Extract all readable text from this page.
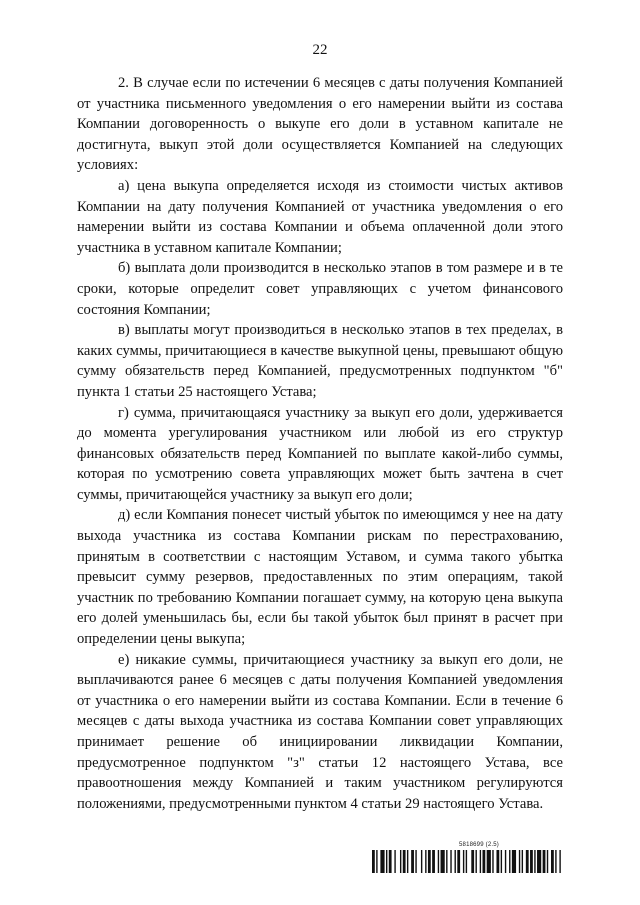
22

2. В случае если по истечении 6 месяцев с даты получения Компанией от участника письменного уведомления о его намерении выйти из состава Компании договоренность о выкупе его доли в уставном капитале не достигнута, выкуп этой доли осуществляется Компанией на следующих условиях:

а) цена выкупа определяется исходя из стоимости чистых активов Компании на дату получения Компанией от участника уведомления о его намерении выйти из состава Компании и объема оплаченной доли этого участника в уставном капитале Компании;

б) выплата доли производится в несколько этапов в том размере и в те сроки, которые определит совет управляющих с учетом финансового состояния Компании;

в) выплаты могут производиться в несколько этапов в тех пределах, в каких суммы, причитающиеся в качестве выкупной цены, превышают общую сумму обязательств перед Компанией, предусмотренных подпунктом "б" пункта 1 статьи 25 настоящего Устава;

г) сумма, причитающаяся участнику за выкуп его доли, удерживается до момента урегулирования участником или любой из его структур финансовых обязательств перед Компанией по выплате какой-либо суммы, которая по усмотрению совета управляющих может быть зачтена в счет суммы, причитающейся участнику за выкуп его доли;

д) если Компания понесет чистый убыток по имеющимся у нее на дату выхода участника из состава Компании рискам по перестрахованию, принятым в соответствии с настоящим Уставом, и сумма такого убытка превысит сумму резервов, предоставленных по этим операциям, такой участник по требованию Компании погашает сумму, на которую цена выкупа его долей уменьшилась бы, если бы такой убыток был принят в расчет при определении цены выкупа;

е) никакие суммы, причитающиеся участнику за выкуп его доли, не выплачиваются ранее 6 месяцев с даты получения Компанией уведомления от участника о его намерении выйти из состава Компании. Если в течение 6 месяцев с даты выхода участника из состава Компании совет управляющих принимает решение об инициировании ликвидации Компании, предусмотренное подпунктом "з" статьи 12 настоящего Устава, все правоотношения между Компанией и таким участником регулируются положениями, предусмотренными пунктом 4 статьи 29 настоящего Устава.

5818699 (2.5)
